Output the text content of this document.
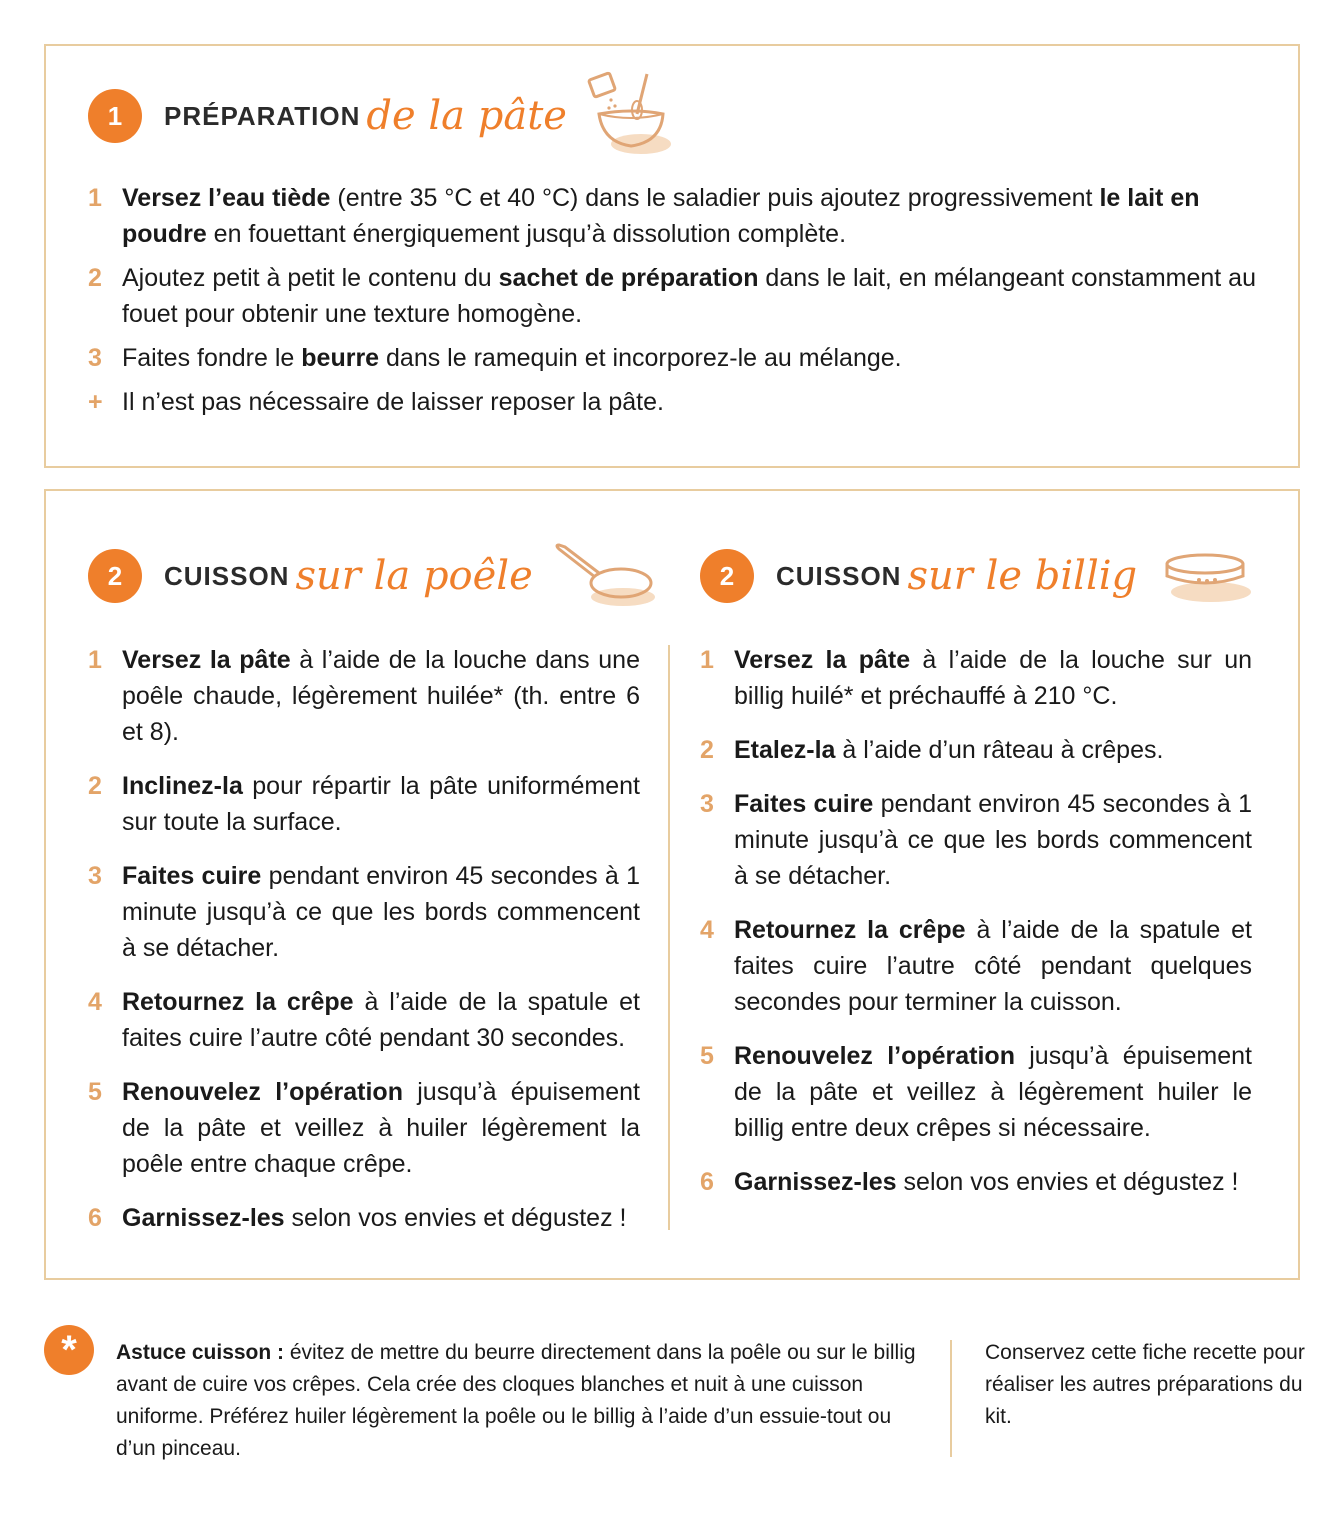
1	PRÉPARATION de la pâte
1 Versez l’eau tiède (entre 35 °C et 40 °C) dans le saladier puis ajoutez progressivement le lait en poudre en fouettant énergiquement jusqu’à dissolution complète.
2 Ajoutez petit à petit le contenu du sachet de préparation dans le lait, en mélangeant constamment au fouet pour obtenir une texture homogène.
3 Faites fondre le beurre dans le ramequin et incorporez-le au mélange.
+ Il n’est pas nécessaire de laisser reposer la pâte.
2	CUISSON sur la poêle	2	CUISSON sur le billig
1 Versez la pâte à l’aide de la louche dans une poêle chaude, légèrement huilée* (th. entre 6 et 8).
2 Inclinez-la pour répartir la pâte uniformément sur toute la surface.
3 Faites cuire pendant environ 45 secondes à 1 minute jusqu’à ce que les bords commencent à se détacher.
4 Retournez la crêpe à l’aide de la spatule et faites cuire l’autre côté pendant 30 secondes.
5 Renouvelez l’opération jusqu’à épuisement de la pâte et veillez à huiler légèrement la poêle entre chaque crêpe.
6 Garnissez-les selon vos envies et dégustez !
1 Versez la pâte à l’aide de la louche sur un billig huilé* et préchauffé à 210 °C.
2 Etalez-la à l’aide d’un râteau à crêpes.
3 Faites cuire pendant environ 45 secondes à 1 minute jusqu’à ce que les bords commencent à se détacher.
4 Retournez la crêpe à l’aide de la spatule et faites cuire l’autre côté pendant quelques secondes pour terminer la cuisson.
5 Renouvelez l’opération jusqu’à épuisement de la pâte et veillez à légèrement huiler le billig entre deux crêpes si nécessaire.
6 Garnissez-les selon vos envies et dégustez !
*	Astuce cuisson : évitez de mettre du beurre directement dans la poêle ou sur le billig avant de cuire vos crêpes. Cela crée des cloques blanches et nuit à une cuisson uniforme. Préférez huiler légèrement la poêle ou le billig à l’aide d’un essuie-tout ou d’un pinceau.
Conservez cette fiche recette pour réaliser les autres préparations du kit.
